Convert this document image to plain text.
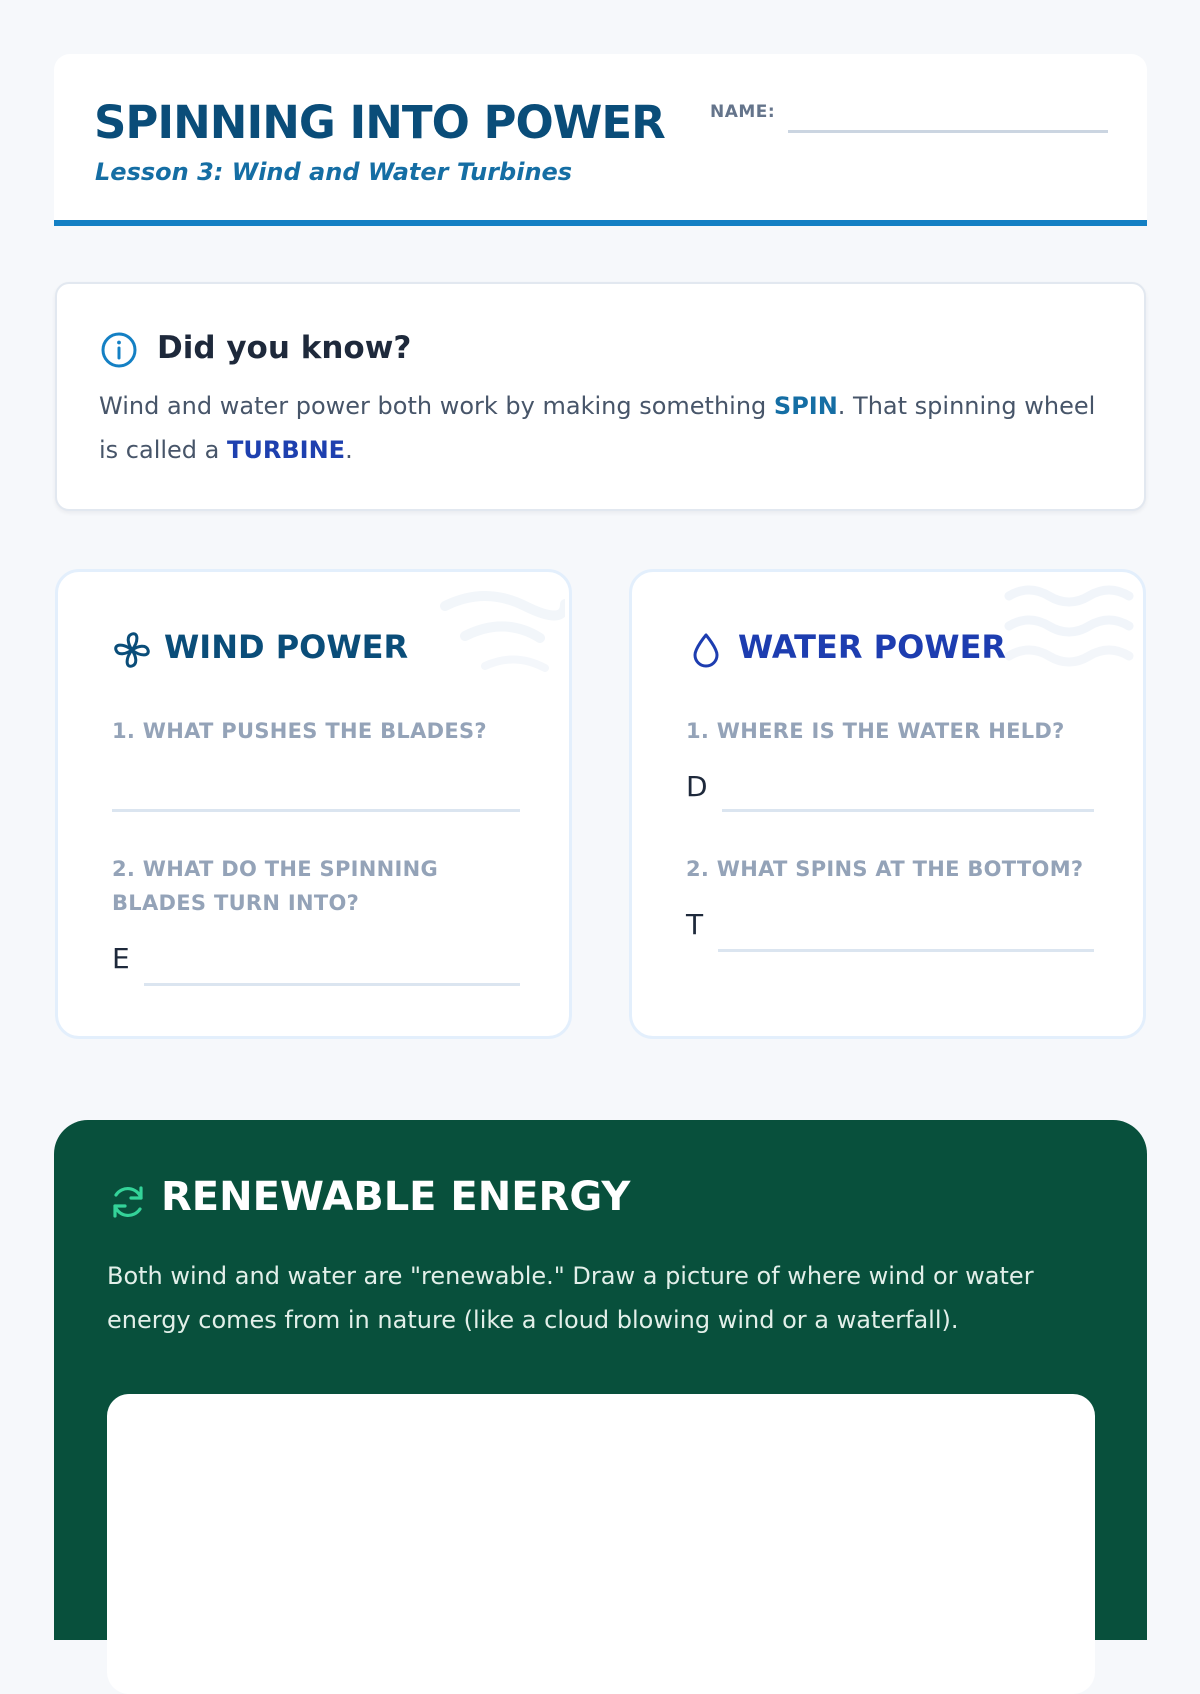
SPINNING INTO POWER
Lesson 3: Wind and Water Turbines
NAME:
Did you know?
Wind and water power both work by making something SPIN. That spinning wheel is called a TURBINE.
WIND POWER
1. WHAT PUSHES THE BLADES?
2. WHAT DO THE SPINNING BLADES TURN INTO?
E
WATER POWER
1. WHERE IS THE WATER HELD?
D
2. WHAT SPINS AT THE BOTTOM?
T
RENEWABLE ENERGY
Both wind and water are "renewable." Draw a picture of where wind or water energy comes from in nature (like a cloud blowing wind or a waterfall).
